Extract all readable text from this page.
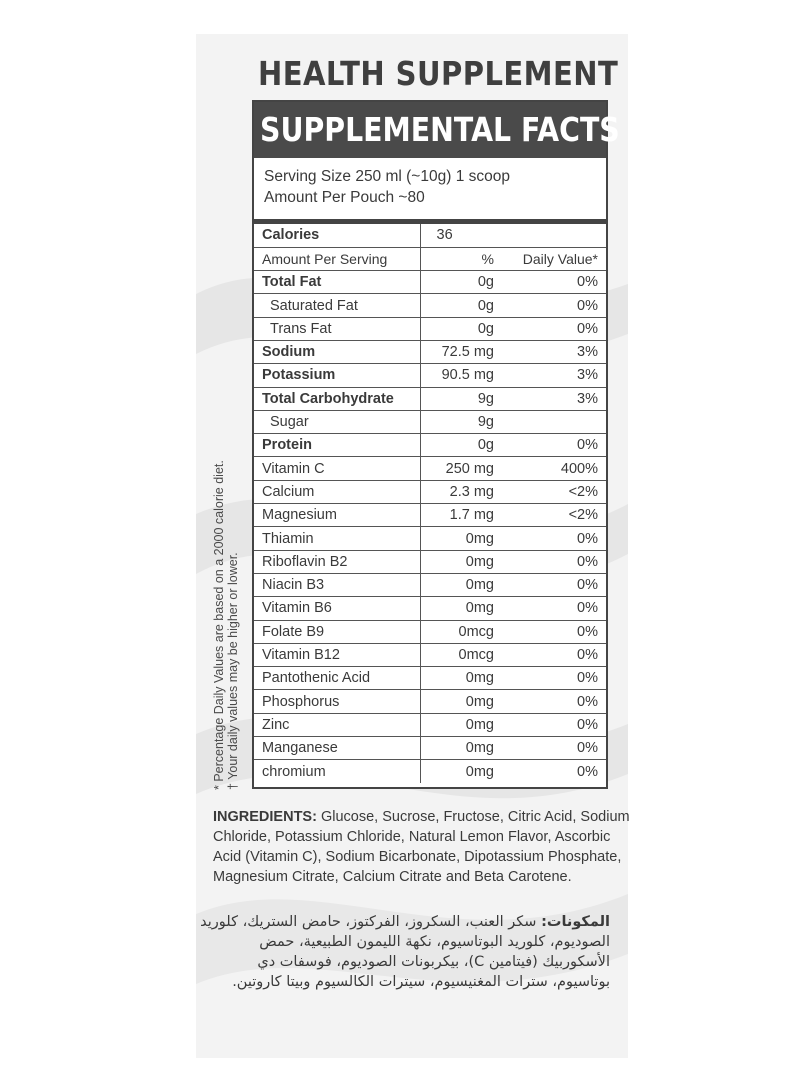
HEALTH SUPPLEMENT
SUPPLEMENTAL FACTS
Serving Size 250 ml (~10g) 1 scoop
Amount Per Pouch ~80
Calories	36	
Amount Per Serving	%	Daily Value*
Total Fat	0g	0%
Saturated Fat	0g	0%
Trans Fat	0g	0%
Sodium	72.5 mg	3%
Potassium	90.5 mg	3%
Total Carbohydrate	9g	3%
Sugar	9g	
Protein	0g	0%
Vitamin C	250 mg	400%
Calcium	2.3 mg	<2%
Magnesium	1.7 mg	<2%
Thiamin	0mg	0%
Riboflavin B2	0mg	0%
Niacin B3	0mg	0%
Vitamin B6	0mg	0%
Folate B9	0mcg	0%
Vitamin B12	0mcg	0%
Pantothenic Acid	0mg	0%
Phosphorus	0mg	0%
Zinc	0mg	0%
Manganese	0mg	0%
chromium	0mg	0%
* Percentage Daily Values are based on a 2000 calorie diet. † Your daily values may be higher or lower.
INGREDIENTS: Glucose, Sucrose, Fructose, Citric Acid, Sodium Chloride, Potassium Chloride, Natural Lemon Flavor, Ascorbic Acid (Vitamin C), Sodium Bicarbonate, Dipotassium Phosphate, Magnesium Citrate, Calcium Citrate and Beta Carotene.
المكونات: سكر العنب، السكروز، الفركتوز، حامض الستريك، كلوريد الصوديوم، كلوريد البوتاسيوم، نكهة الليمون الطبيعية، حمض الأسكوربيك (فيتامين C)، بيكربونات الصوديوم، فوسفات دي بوتاسيوم، سترات المغنيسيوم، سيترات الكالسيوم وبيتا كاروتين.
